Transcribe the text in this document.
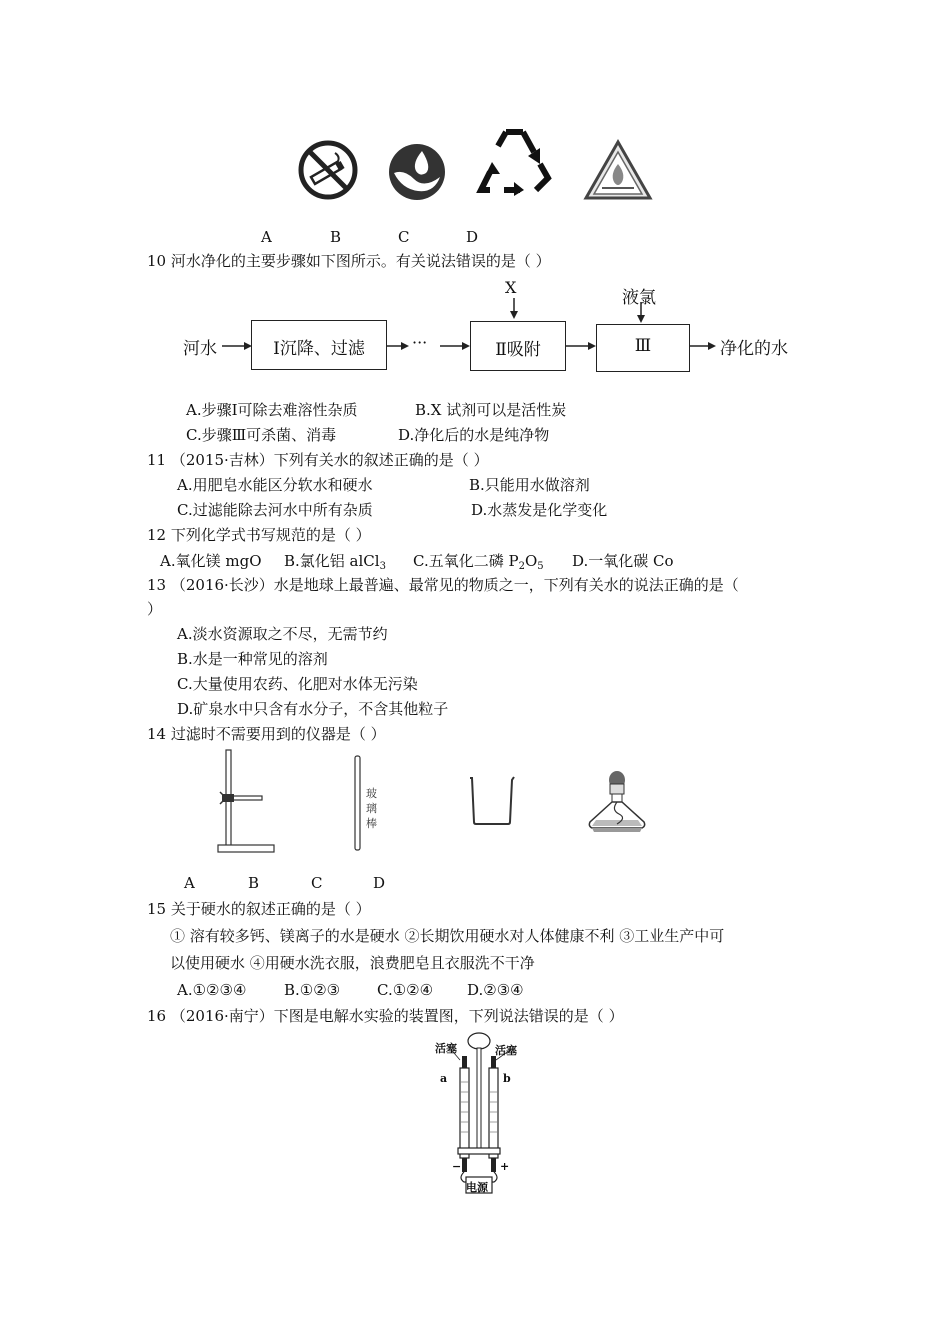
A	B	C	D
10 河水净化的主要步骤如下图所示。有关说法错误的是（ ）
河水	Ⅰ沉降、过滤	···
X
Ⅱ吸附
液氯
Ⅲ	净化的水
A.步骤Ⅰ可除去难溶性杂质	B.X 试剂可以是活性炭
C.步骤Ⅲ可杀菌、消毒	D.净化后的水是纯净物
11 （2015·吉林）下列有关水的叙述正确的是（ ）
A.用肥皂水能区分软水和硬水	B.只能用水做溶剂
C.过滤能除去河水中所有杂质	D.水蒸发是化学变化
12 下列化学式书写规范的是（ ）
A.氧化镁 mgO B.氯化铝 alCl$_3$ C.五氧化二磷 $P_2O_5$ D.一氧化碳 Co
13 （2016·长沙）水是地球上最普遍、最常见的物质之一，下列有关水的说法正确的是（
）
A.淡水资源取之不尽，无需节约
B.水是一种常见的溶剂
C.大量使用农药、化肥对水体无污染
D.矿泉水中只含有水分子，不含其他粒子
14 过滤时不需要用到的仪器是（ ）
玻
璃
棒
A	B	C	D
15 关于硬水的叙述正确的是（ ）
① 溶有较多钙、镁离子的水是硬水 ②长期饮用硬水对人体健康不利 ③工业生产中可
以使用硬水 ④用硬水洗衣服，浪费肥皂且衣服洗不干净
A.①②③④	B.①②③ C.①②④ D.②③④
16 （2016·南宁）下图是电解水实验的装置图，下列说法错误的是（ ）
活塞	活塞
a	b
−	+
电源
